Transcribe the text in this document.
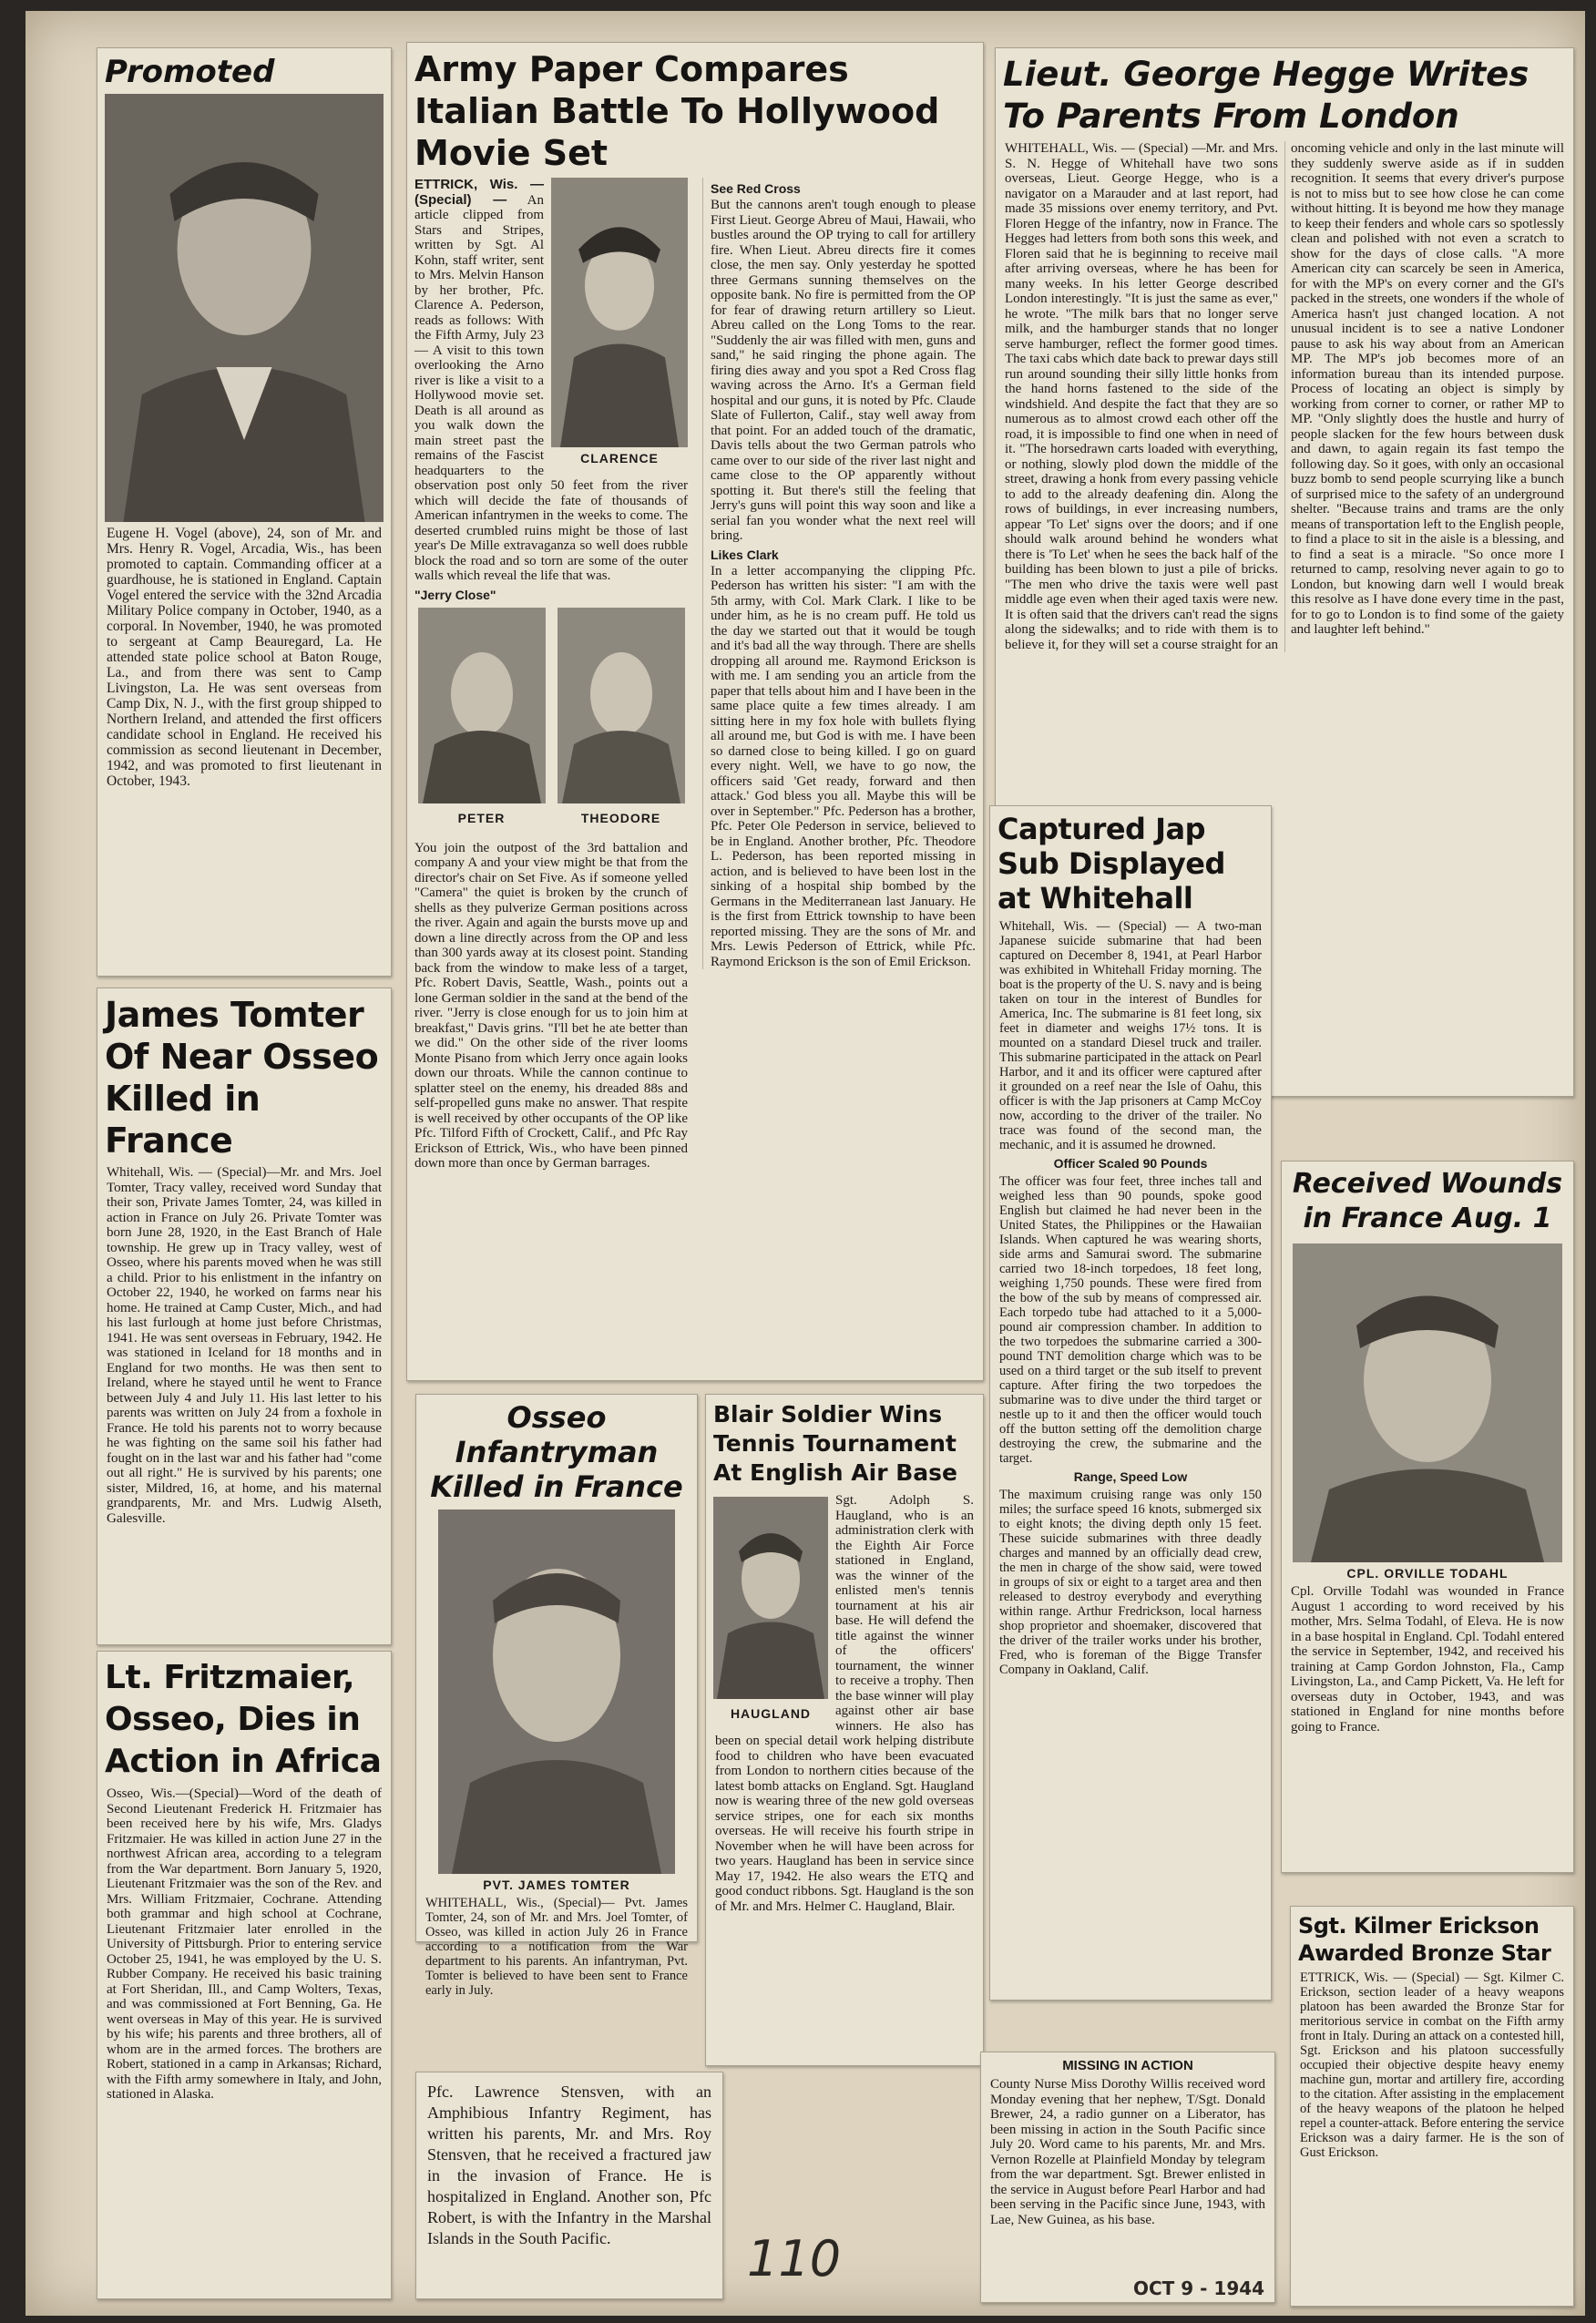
Promoted
Eugene H. Vogel (above), 24, son of Mr. and Mrs. Henry R. Vogel, Arcadia, Wis., has been promoted to captain. Commanding officer at a guardhouse, he is stationed in England. Captain Vogel entered the service with the 32nd Arcadia Military Police company in October, 1940, as a corporal. In November, 1940, he was promoted to sergeant at Camp Beauregard, La. He attended state police school at Baton Rouge, La., and from there was sent to Camp Livingston, La. He was sent overseas from Camp Dix, N. J., with the first group shipped to Northern Ireland, and attended the first officers candidate school in England. He received his commission as second lieutenant in December, 1942, and was promoted to first lieutenant in October, 1943.
James Tomter Of Near Osseo Killed in France
Whitehall, Wis. — (Special)—Mr. and Mrs. Joel Tomter, Tracy valley, received word Sunday that their son, Private James Tomter, 24, was killed in action in France on July 26. Private Tomter was born June 28, 1920, in the East Branch of Hale township. He grew up in Tracy valley, west of Osseo, where his parents moved when he was still a child. Prior to his enlistment in the infantry on October 22, 1940, he worked on farms near his home. He trained at Camp Custer, Mich., and had his last furlough at home just before Christmas, 1941. He was sent overseas in February, 1942. He was stationed in Iceland for 18 months and in England for two months. He was then sent to Ireland, where he stayed until he went to France between July 4 and July 11. His last letter to his parents was written on July 24 from a foxhole in France. He told his parents not to worry because he was fighting on the same soil his father had fought on in the last war and his father had "come out all right." He is survived by his parents; one sister, Mildred, 16, at home, and his maternal grandparents, Mr. and Mrs. Ludwig Alseth, Galesville.
Lt. Fritzmaier, Osseo, Dies in Action in Africa
Osseo, Wis.—(Special)—Word of the death of Second Lieutenant Frederick H. Fritzmaier has been received here by his wife, Mrs. Gladys Fritzmaier. He was killed in action June 27 in the northwest African area, according to a telegram from the War department. Born January 5, 1920, Lieutenant Fritzmaier was the son of the Rev. and Mrs. William Fritzmaier, Cochrane. Attending both grammar and high school at Cochrane, Lieutenant Fritzmaier later enrolled in the University of Pittsburgh. Prior to entering service October 25, 1941, he was employed by the U. S. Rubber Company. He received his basic training at Fort Sheridan, Ill., and Camp Wolters, Texas, and was commissioned at Fort Benning, Ga. He went overseas in May of this year. He is survived by his wife; his parents and three brothers, all of whom are in the armed forces. The brothers are Robert, stationed in a camp in Arkansas; Richard, with the Fifth army somewhere in Italy, and John, stationed in Alaska.
Army Paper Compares Italian Battle To Hollywood Movie Set
CLARENCE
ETTRICK, Wis. — (Special) — An article clipped from Stars and Stripes, written by Sgt. Al Kohn, staff writer, sent to Mrs. Melvin Hanson by her brother, Pfc. Clarence A. Pederson, reads as follows: With the Fifth Army, July 23— A visit to this town overlooking the Arno river is like a visit to a Hollywood movie set. Death is all around as you walk down the main street past the remains of the Fascist headquarters to the observation post only 50 feet from the river which will decide the fate of thousands of American infantrymen in the weeks to come. The deserted crumbled ruins might be those of last year's De Mille extravaganza so well does rubble block the road and so torn are some of the outer walls which reveal the life that was.
"Jerry Close"
PETER	THEODORE
You join the outpost of the 3rd battalion and company A and your view might be that from the director's chair on Set Five. As if someone yelled "Camera" the quiet is broken by the crunch of shells as they pulverize German positions across the river. Again and again the bursts move up and down a line directly across from the OP and less than 300 yards away at its closest point. Standing back from the window to make less of a target, Pfc. Robert Davis, Seattle, Wash., points out a lone German soldier in the sand at the bend of the river. "Jerry is close enough for us to join him at breakfast," Davis grins. "I'll bet he ate better than we did." On the other side of the river looms Monte Pisano from which Jerry once again looks down our throats. While the cannon continue to splatter steel on the enemy, his dreaded 88s and self-propelled guns make no answer. That respite is well received by other occupants of the OP like Pfc. Tilford Fifth of Crockett, Calif., and Pfc Ray Erickson of Ettrick, Wis., who have been pinned down more than once by German barrages.
See Red Cross
But the cannons aren't tough enough to please First Lieut. George Abreu of Maui, Hawaii, who bustles around the OP trying to call for artillery fire. When Lieut. Abreu directs fire it comes close, the men say. Only yesterday he spotted three Germans sunning themselves on the opposite bank. No fire is permitted from the OP for fear of drawing return artillery so Lieut. Abreu called on the Long Toms to the rear. "Suddenly the air was filled with men, guns and sand," he said ringing the phone again. The firing dies away and you spot a Red Cross flag waving across the Arno. It's a German field hospital and our guns, it is noted by Pfc. Claude Slate of Fullerton, Calif., stay well away from that point. For an added touch of the dramatic, Davis tells about the two German patrols who came over to our side of the river last night and came close to the OP apparently without spotting it. But there's still the feeling that Jerry's guns will point this way soon and like a serial fan you wonder what the next reel will bring.
Likes Clark
In a letter accompanying the clipping Pfc. Pederson has written his sister: "I am with the 5th army, with Col. Mark Clark. I like to be under him, as he is no cream puff. He told us the day we started out that it would be tough and it's bad all the way through. There are shells dropping all around me. Raymond Erickson is with me. I am sending you an article from the paper that tells about him and I have been in the same place quite a few times already. I am sitting here in my fox hole with bullets flying all around me, but God is with me. I have been so darned close to being killed. I go on guard every night. Well, we have to go now, the officers said 'Get ready, forward and then attack.' God bless you all. Maybe this will be over in September." Pfc. Pederson has a brother, Pfc. Peter Ole Pederson in service, believed to be in England. Another brother, Pfc. Theodore L. Pederson, has been reported missing in action, and is believed to have been lost in the sinking of a hospital ship bombed by the Germans in the Mediterranean last January. He is the first from Ettrick township to have been reported missing. They are the sons of Mr. and Mrs. Lewis Pederson of Ettrick, while Pfc. Raymond Erickson is the son of Emil Erickson.
Osseo Infantryman Killed in France
PVT. JAMES TOMTER
WHITEHALL, Wis., (Special)— Pvt. James Tomter, 24, son of Mr. and Mrs. Joel Tomter, of Osseo, was killed in action July 26 in France according to a notification from the War department to his parents. An infantryman, Pvt. Tomter is believed to have been sent to France early in July.
Pfc. Lawrence Stensven, with an Amphibious Infantry Regiment, has written his parents, Mr. and Mrs. Roy Stensven, that he received a fractured jaw in the invasion of France. He is hospitalized in England. Another son, Pfc Robert, is with the Infantry in the Marshal Islands in the South Pacific.
Blair Soldier Wins Tennis Tournament At English Air Base
HAUGLAND
Sgt. Adolph S. Haugland, who is an administration clerk with the Eighth Air Force stationed in England, was the winner of the enlisted men's tennis tournament at his air base. He will defend the title against the winner of the officers' tournament, the winner to receive a trophy. Then the base winner will play against other air base winners. He also has been on special detail work helping distribute food to children who have been evacuated from London to northern cities because of the latest bomb attacks on England. Sgt. Haugland now is wearing three of the new gold overseas service stripes, one for each six months overseas. He will receive his fourth stripe in November when he will have been across for two years. Haugland has been in service since May 17, 1942. He also wears the ETQ and good conduct ribbons. Sgt. Haugland is the son of Mr. and Mrs. Helmer C. Haugland, Blair.
Lieut. George Hegge Writes To Parents From London
WHITEHALL, Wis. — (Special) —Mr. and Mrs. S. N. Hegge of Whitehall have two sons overseas, Lieut. George Hegge, who is a navigator on a Marauder and at last report, had made 35 missions over enemy territory, and Pvt. Floren Hegge of the infantry, now in France. The Hegges had letters from both sons this week, and Floren said that he is beginning to receive mail after arriving overseas, where he has been for many weeks. In his letter George described London interestingly. "It is just the same as ever," he wrote. "The milk bars that no longer serve milk, and the hamburger stands that no longer serve hamburger, reflect the former good times. The taxi cabs which date back to prewar days still run around sounding their silly little honks from the hand horns fastened to the side of the windshield. And despite the fact that they are so numerous as to almost crowd each other off the road, it is impossible to find one when in need of it. "The horsedrawn carts loaded with everything, or nothing, slowly plod down the middle of the street, drawing a honk from every passing vehicle to add to the already deafening din. Along the rows of buildings, in ever increasing numbers, appear 'To Let' signs over the doors; and if one should walk around behind he wonders what there is 'To Let' when he sees the back half of the building has been blown to just a pile of bricks. "The men who drive the taxis were well past middle age even when their aged taxis were new. It is often said that the drivers can't read the signs along the sidewalks; and to ride with them is to believe it, for they will set a course straight for an oncoming vehicle and only in the last minute will they suddenly swerve aside as if in sudden recognition. It seems that every driver's purpose is not to miss but to see how close he can come without hitting. It is beyond me how they manage to keep their fenders and whole cars so spotlessly clean and polished with not even a scratch to show for the days of close calls. "A more American city can scarcely be seen in America, for with the MP's on every corner and the GI's packed in the streets, one wonders if the whole of America hasn't just changed location. A not unusual incident is to see a native Londoner pause to ask his way about from an American MP. The MP's job becomes more of an information bureau than its intended purpose. Process of locating an object is simply by working from corner to corner, or rather MP to MP. "Only slightly does the hustle and hurry of people slacken for the few hours between dusk and dawn, to again regain its fast tempo the following day. So it goes, with only an occasional buzz bomb to send people scurrying like a bunch of surprised mice to the safety of an underground shelter. "Because trains and trams are the only means of transportation left to the English people, to find a place to sit in the aisle is a blessing, and to find a seat is a miracle. "So once more I returned to camp, resolving never again to go to London, but knowing darn well I would break this resolve as I have done every time in the past, for to go to London is to find some of the gaiety and laughter left behind."
Captured Jap Sub Displayed at Whitehall
Whitehall, Wis. — (Special) — A two-man Japanese suicide submarine that had been captured on December 8, 1941, at Pearl Harbor was exhibited in Whitehall Friday morning. The boat is the property of the U. S. navy and is being taken on tour in the interest of Bundles for America, Inc. The submarine is 81 feet long, six feet in diameter and weighs 17½ tons. It is mounted on a standard Diesel truck and trailer. This submarine participated in the attack on Pearl Harbor, and it and its officer were captured after it grounded on a reef near the Isle of Oahu, this officer is with the Jap prisoners at Camp McCoy now, according to the driver of the trailer. No trace was found of the second man, the mechanic, and it is assumed he drowned.
Officer Scaled 90 Pounds
The officer was four feet, three inches tall and weighed less than 90 pounds, spoke good English but claimed he had never been in the United States, the Philippines or the Hawaiian Islands. When captured he was wearing shorts, side arms and Samurai sword. The submarine carried two 18-inch torpedoes, 18 feet long, weighing 1,750 pounds. These were fired from the bow of the sub by means of compressed air. Each torpedo tube had attached to it a 5,000-pound air compression chamber. In addition to the two torpedoes the submarine carried a 300-pound TNT demolition charge which was to be used on a third target or the sub itself to prevent capture. After firing the two torpedoes the submarine was to dive under the third target or nestle up to it and then the officer would touch off the button setting off the demolition charge destroying the crew, the submarine and the target.
Range, Speed Low
The maximum cruising range was only 150 miles; the surface speed 16 knots, submerged six to eight knots; the diving depth only 15 feet. These suicide submarines with three deadly charges and manned by an officially dead crew, the men in charge of the show said, were towed in groups of six or eight to a target area and then released to destroy everybody and everything within range. Arthur Fredrickson, local harness shop proprietor and shoemaker, discovered that the driver of the trailer works under his brother, Fred, who is foreman of the Bigge Transfer Company in Oakland, Calif.
MISSING IN ACTION
County Nurse Miss Dorothy Willis received word Monday evening that her nephew, T/Sgt. Donald Brewer, 24, a radio gunner on a Liberator, has been missing in action in the South Pacific since July 20. Word came to his parents, Mr. and Mrs. Vernon Rozelle at Plainfield Monday by telegram from the war department. Sgt. Brewer enlisted in the service in August before Pearl Harbor and had been serving in the Pacific since June, 1943, with Lae, New Guinea, as his base.
Received Wounds in France Aug. 1
CPL. ORVILLE TODAHL
Cpl. Orville Todahl was wounded in France August 1 according to word received by his mother, Mrs. Selma Todahl, of Eleva. He is now in a base hospital in England. Cpl. Todahl entered the service in September, 1942, and received his training at Camp Gordon Johnston, Fla., Camp Livingston, La., and Camp Pickett, Va. He left for overseas duty in October, 1943, and was stationed in England for nine months before going to France.
Sgt. Kilmer Erickson Awarded Bronze Star
ETTRICK, Wis. — (Special) — Sgt. Kilmer C. Erickson, section leader of a heavy weapons platoon has been awarded the Bronze Star for meritorious service in combat on the Fifth army front in Italy. During an attack on a contested hill, Sgt. Erickson and his platoon successfully occupied their objective despite heavy enemy machine gun, mortar and artillery fire, according to the citation. After assisting in the emplacement of the heavy weapons of the platoon he helped repel a counter-attack. Before entering the service Erickson was a dairy farmer. He is the son of Gust Erickson.
110
OCT 9 - 1944
